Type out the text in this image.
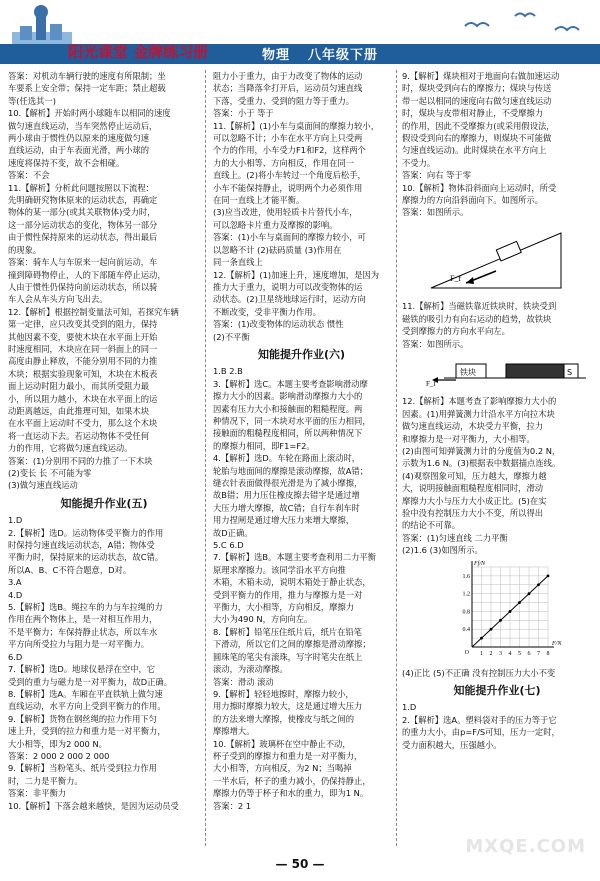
阳光课堂 金牌练习册	物理 八年级下册
答案：对机动车辆行驶的速度有所限制；坐
车要系上安全带；保持一定车距；禁止超载
等(任选其一)
10.【解析】开始时两小球随车以相同的速度
做匀速直线运动，当车突然停止运动后，
两小球由于惯性仍以原来的速度做匀速
直线运动，由于车表面光滑，两小球的
速度将保持不变，故不会相碰。
答案：不会
11.【解析】分析此问题按照以下流程：
先明确研究物体原来的运动状态，再确定
物体的某一部分(或其关联物体)受力时，
这一部分运动状态的变化，物体另一部分
由于惯性保持原来的运动状态，得出最后
的现象。
答案：骑车人与车原来一起向前运动，车
撞到障碍物停止，人的下部随车停止运动，
人由于惯性仍保持向前运动状态，所以骑
车人会从车头方向飞出去。
12.【解析】根据控制变量法可知，若探究车辆
第一定律，应只改变其受到的阻力，保持
其他因素不变，要使木块在水平面上开始
时速度相同，木块应在同一斜面上的同一
高度由静止释放，不能分别用不同的力推
木块；根据实验现象可知，木块在木板表
面上运动时阻力最小，而其所受阻力最
小，所以阻力越小，木块在水平面上的运
动距离越远，由此推理可知，如果木块
在水平面上运动时不受力，那么这个木块
将一直运动下去。若运动物体不受任何
力的作用，它将做匀速直线运动。
答案：(1)分别用不同的力推了一下木块
(2)变长 长 不可能为零
(3)做匀速直线运动
知能提升作业(五)
1.D
2.【解析】选D。运动物体受平衡力的作用
时保持匀速直线运动状态，A错；物体受
平衡力时，保持原来的运动状态，故C错。
所以A、B、C不符合题意，D对。
3.A
4.D
5.【解析】选B。绳拉车的力与车拉绳的力
作用在两个物体上，是一对相互作用力，
不是平衡力；车保持静止状态，所以车水
平方向所受拉力与阻力是一对平衡力。
6.D
7.【解析】选D。地球仪悬浮在空中，它
受到的重力与磁力是一对平衡力，故D正确。
8.【解析】选A。车厢在平直铁轨上做匀速
直线运动，水平方向上受到平衡力的作用。
9.【解析】货物在钢丝绳的拉力作用下匀
速上升，受到的拉力和重力是一对平衡力，
大小相等，即为2 000 N。
答案：2 000 2 000 2 000
9.【解析】当粉笔头、纸片受到拉力作用
时，二力是平衡力。
答案：非平衡力
10.【解析】下落会越来越快，是因为运动员受
阻力小于重力，由于力改变了物体的运动
状态；当降落伞打开后，运动员匀速直线
下落，受重力、受到的阻力等于重力。
答案：小于 等于
11.【解析】(1)小车与桌面间的摩擦力较小，
可以忽略不计；小车在水平方向上只受两
个力的作用，小车受力F1和F2，这样两个
力的大小相等、方向相反，作用在同一
直线上。(2)将小车转过一个角度后松手，
小车不能保持静止，说明两个力必须作用
在同一直线上才能平衡。
(3)应当改进，使用轻质卡片替代小车，
可以忽略卡片重力及摩擦的影响。
答案：(1)小车与桌面间的摩擦力较小，可
以忽略不计 (2)砝码质量 (3)作用在
同一条直线上
12.【解析】(1)加速上升，速度增加，是因为
推力大于重力，说明力可以改变物体的运
动状态。(2)卫星绕地球运行时，运动方向
不断改变，受非平衡力作用。
答案：(1)改变物体的运动状态 惯性
(2)不平衡
知能提升作业(六)
1.B 2.B
3.【解析】选C。本题主要考查影响滑动摩
擦力大小的因素。影响滑动摩擦力大小的
因素有压力大小和接触面的粗糙程度。两
种情况下，同一木块对水平面的压力相同，
接触面的粗糙程度相同，所以两种情况下
的摩擦力相同，即F1=F2。
4.【解析】选D。车轮在路面上滚动时，
轮胎与地面间的摩擦是滚动摩擦，故A错；
缝衣针表面做得很光滑是为了减小摩擦，
故B错；用力压住橡皮擦去错字是通过增
大压力增大摩擦，故C错；自行车刹车时
用力捏闸是通过增大压力来增大摩擦，
故D正确。
5.C 6.D
7.【解析】选B。本题主要考查利用二力平衡
原理求摩擦力。该同学沿水平方向推
木箱，木箱未动，说明木箱处于静止状态，
受到平衡力的作用，推力与摩擦力是一对
平衡力，大小相等，方向相反，摩擦力
大小为490 N，方向向左。
8.【解析】铅笔压住纸片后，纸片在铅笔
下滑动，所以它们之间的摩擦是滑动摩擦；
圆珠笔的笔尖有滚珠，写字时笔尖在纸上
滚动，为滚动摩擦。
答案：滑动 滚动
9.【解析】轻轻地擦时，摩擦力较小，
用力擦时摩擦力较大，这是通过增大压力
的方法来增大摩擦，使橡皮与纸之间的
摩擦增大。
10.【解析】玻璃杯在空中静止不动，
杯子受到的摩擦力和重力是一对平衡力，
大小相等，方向相反，为2 N；当喝掉
一半水后，杯子的重力减小，仍保持静止，
摩擦力仍等于杯子和水的重力，即为1 N。
答案：2 1
9.【解析】煤块相对于地面向右做加速运动
时，煤块受到向右的摩擦力；煤块与传送
带一起以相同的速度向右做匀速直线运动
时，煤块与皮带相对静止，不受摩擦力
的作用，因此不受摩擦力(或采用假设法，
假设受到向右的摩擦力，则煤块不可能做
匀速直线运动)。此时煤块在水平方向上
不受力。
答案：向右 等于零
10.【解析】物体沿斜面向上运动时，所受
摩擦力的方向沿斜面向下。如图所示。
答案：如图所示。
F_f
11.【解析】当磁铁靠近铁块时，铁块受到
磁铁的吸引力有向右运动的趋势，故铁块
受到摩擦力的方向水平向左。
答案：如图所示。
铁块	S
F_f
12.【解析】本题考查了影响摩擦力大小的
因素。(1)用弹簧测力计沿水平方向拉木块
做匀速直线运动，木块受力平衡，拉力
和摩擦力是一对平衡力，大小相等。
(2)由图可知弹簧测力计的分度值为0.2 N，
示数为1.6 N。(3)根据表中数据描点连线。
(4)观察图象可知，压力越大，摩擦力越
大，说明接触面粗糙程度相同时，滑动
摩擦力大小与压力大小成正比。(5)在实
验中没有控制压力大小不变，所以得出
的结论不可靠。
答案：(1)匀速直线 二力平衡
(2)1.6 (3)如图所示。
1 2 3 4 5 6 7 8
0.4
0.8
1.2
1.6
O
F/N
Ff/N
(4)正比 (5)不正确 没有控制压力大小不变
知能提升作业(七)
1.D
2.【解析】选A。塑料袋对手的压力等于它
的重力大小，由p=F/S可知，压力一定时，
受力面积越大，压强越小。
MXQE.COM
— 50 —
